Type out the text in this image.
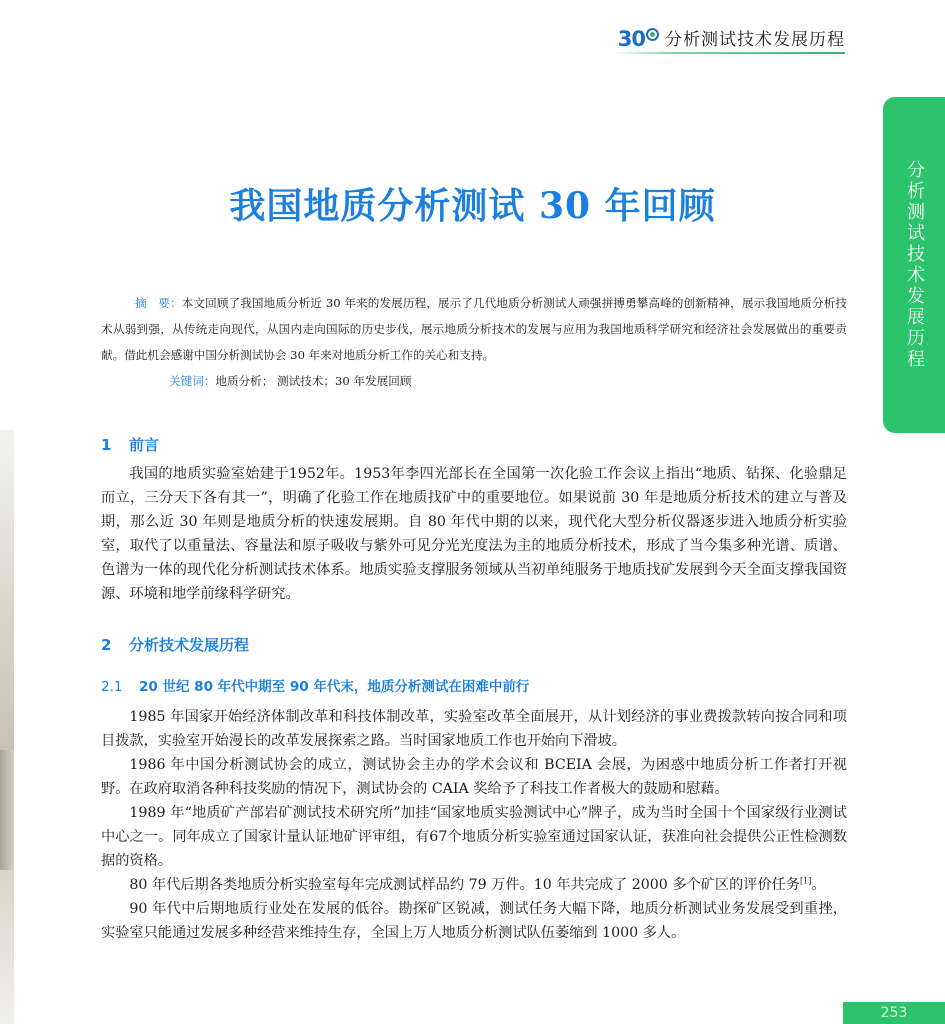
30 分析测试技术发展历程
分析测试技术发展历程
我国地质分析测试 30 年回顾

摘　要：本文回顾了我国地质分析近 30 年来的发展历程，展示了几代地质分析测试人顽强拼搏勇攀高峰的创新精神，展示我国地质分析技术从弱到强，从传统走向现代，从国内走向国际的历史步伐，展示地质分析技术的发展与应用为我国地质科学研究和经济社会发展做出的重要贡献。借此机会感谢中国分析测试协会 30 年来对地质分析工作的关心和支持。

关键词：地质分析； 测试技术；30 年发展回顾

1 前言

我国的地质实验室始建于1952年。1953年李四光部长在全国第一次化验工作会议上指出“地质、钻探、化验鼎足而立，三分天下各有其一”，明确了化验工作在地质找矿中的重要地位。如果说前 30 年是地质分析技术的建立与普及期，那么近 30 年则是地质分析的快速发展期。自 80 年代中期的以来，现代化大型分析仪器逐步进入地质分析实验室，取代了以重量法、容量法和原子吸收与紫外可见分光光度法为主的地质分析技术，形成了当今集多种光谱、质谱、色谱为一体的现代化分析测试技术体系。地质实验支撑服务领域从当初单纯服务于地质找矿发展到今天全面支撑我国资源、环境和地学前缘科学研究。

2 分析技术发展历程
2.1 20 世纪 80 年代中期至 90 年代末，地质分析测试在困难中前行

1985 年国家开始经济体制改革和科技体制改革，实验室改革全面展开，从计划经济的事业费拨款转向按合同和项目拨款，实验室开始漫长的改革发展探索之路。当时国家地质工作也开始向下滑坡。

1986 年中国分析测试协会的成立，测试协会主办的学术会议和 BCEIA 会展，为困惑中地质分析工作者打开视野。在政府取消各种科技奖励的情况下，测试协会的 CAIA 奖给予了科技工作者极大的鼓励和慰藉。

1989 年“地质矿产部岩矿测试技术研究所”加挂“国家地质实验测试中心”牌子，成为当时全国十个国家级行业测试中心之一。同年成立了国家计量认证地矿评审组，有67个地质分析实验室通过国家认证，获准向社会提供公正性检测数据的资格。

80 年代后期各类地质分析实验室每年完成测试样品约 79 万件。10 年共完成了 2000 多个矿区的评价任务[1]。

90 年代中后期地质行业处在发展的低谷。勘探矿区锐减，测试任务大幅下降，地质分析测试业务发展受到重挫，实验室只能通过发展多种经营来维持生存，全国上万人地质分析测试队伍萎缩到 1000 多人。

253
